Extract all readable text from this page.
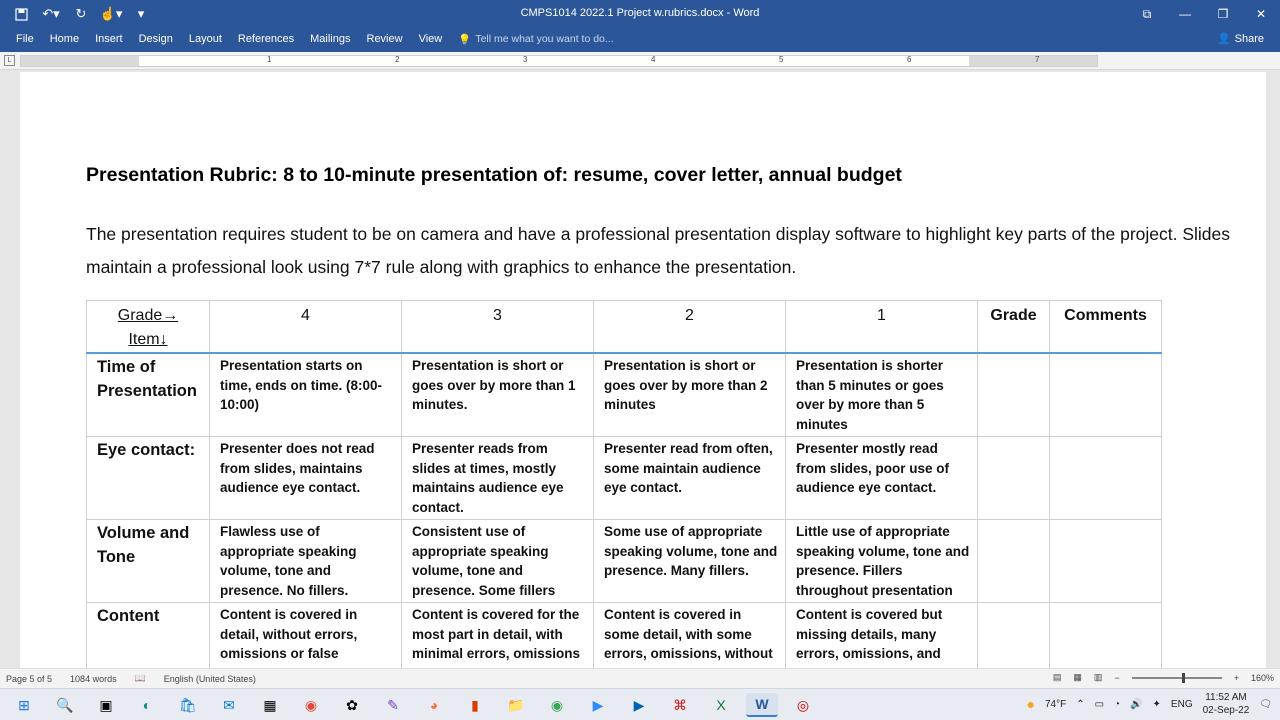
↶▾	↻	☝▾	▾	CMPS1014 2022.1 Project w.rubrics.docx - Word	⧉	—	❐	✕
File	Home	Insert	Design	Layout	References	Mailings	Review	View	💡 Tell me what you want to do...	👤 Share
L	1	2	3	4	5	6	7
Presentation Rubric: 8 to 10-minute presentation of: resume, cover letter, annual budget
The presentation requires student to be on camera and have a professional presentation display software to highlight key parts of the project. Slides maintain a professional look using 7*7 rule along with graphics to enhance the presentation.
Grade→
Item↓	4	3	2	1	Grade	Comments
Time of Presentation	Presentation starts on time, ends on time. (8:00-10:00)	Presentation is short or goes over by more than 1 minutes.	Presentation is short or goes over by more than 2 minutes	Presentation is shorter than 5 minutes or goes over by more than 5 minutes		
Eye contact:	Presenter does not read from slides, maintains audience eye contact.	Presenter reads from slides at times, mostly maintains audience eye contact.	Presenter read from often, some maintain audience eye contact.	Presenter mostly read from slides, poor use of audience eye contact.		
Volume and Tone	Flawless use of appropriate speaking volume, tone and presence. No fillers.	Consistent use of appropriate speaking volume, tone and presence. Some fillers	Some use of appropriate speaking volume, tone and presence. Many fillers.	Little use of appropriate speaking volume, tone and presence. Fillers throughout presentation		
Content	Content is covered in detail, without errors, omissions or false	Content is covered for the most part in detail, with minimal errors, omissions	Content is covered in some detail, with some errors, omissions, without	Content is covered but missing details, many errors, omissions, and		
Page 5 of 5 1084 words 📖 English (United States)	▤ ▦ ▥ −	+ 160%
⊞	🔍	▣	◐	🛍	✉	▦	◉	✿	✎	◕	▮	📁	◉	▶	▶	⌘	X	W	◎	● 74°F ⌃ ▭ ◔ 🔊 ✦ ENG
11:52 AM
02-Sep-22
🗨
